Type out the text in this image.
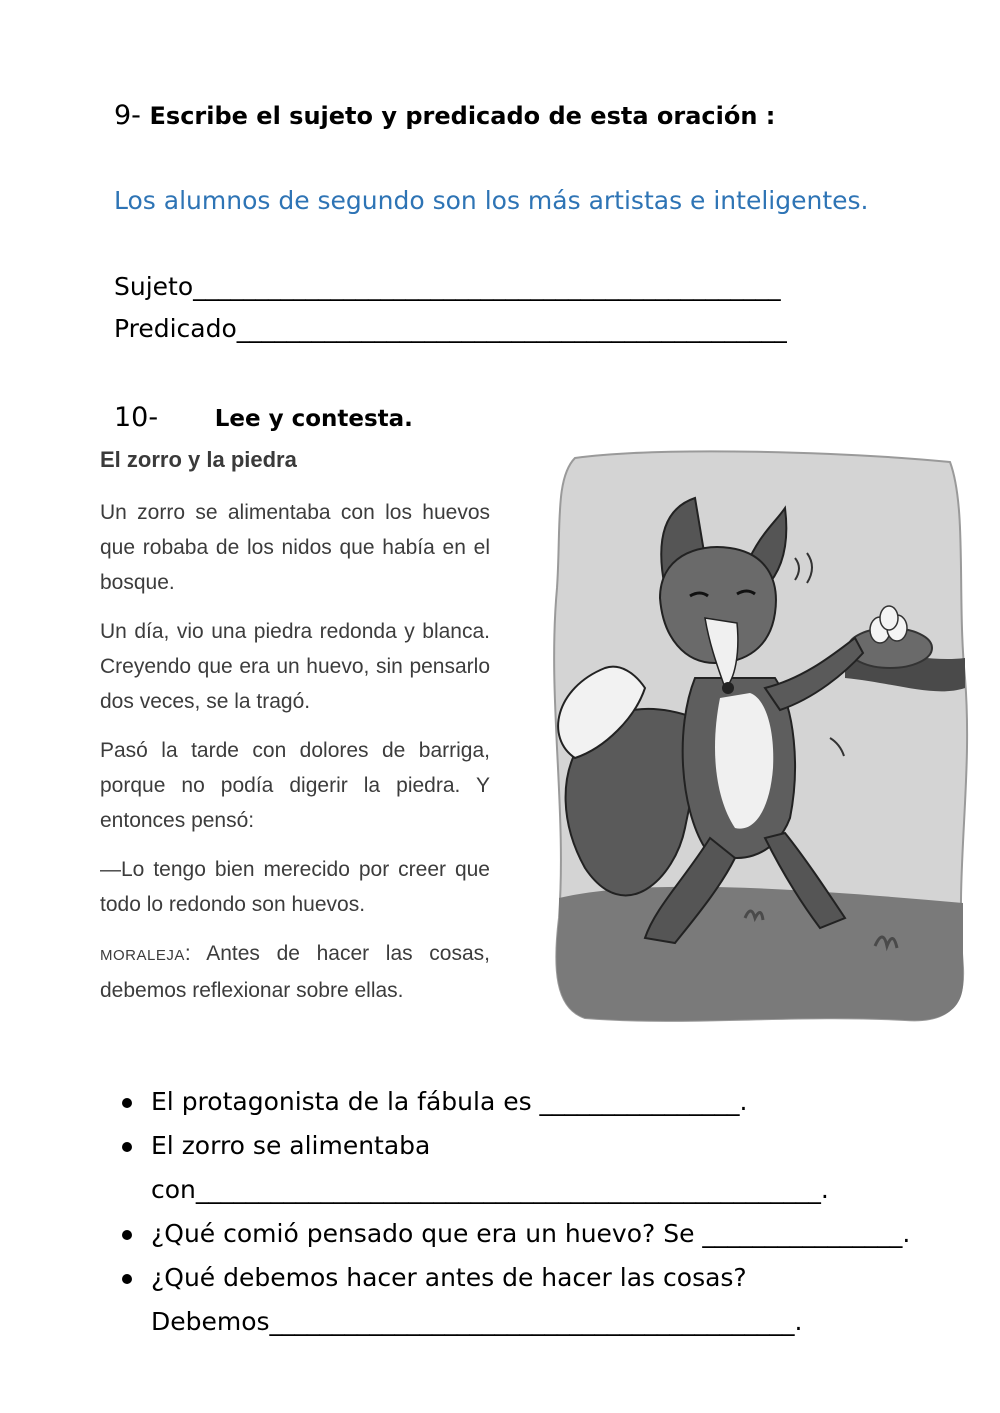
9- Escribe el sujeto y predicado de esta oración :
Los alumnos de segundo son los más artistas e inteligentes.
Sujeto_______________________________________________
Predicado____________________________________________
10- Lee y contesta.
El zorro y la piedra

Un zorro se alimentaba con los huevos que robaba de los nidos que había en el bosque.

Un día, vio una piedra redonda y blanca. Creyendo que era un huevo, sin pensarlo dos veces, se la tragó.

Pasó la tarde con dolores de barriga, porque no podía digerir la piedra. Y entonces pensó:

—Lo tengo bien merecido por creer que todo lo redondo son huevos.

MORALEJA: Antes de hacer las cosas, debemos reflexionar sobre ellas.

El protagonista de la fábula es ________________.
El zorro se alimentaba con__________________________________________________.
¿Qué comió pensado que era un huevo? Se ________________.
¿Qué debemos hacer antes de hacer las cosas? Debemos__________________________________________.
